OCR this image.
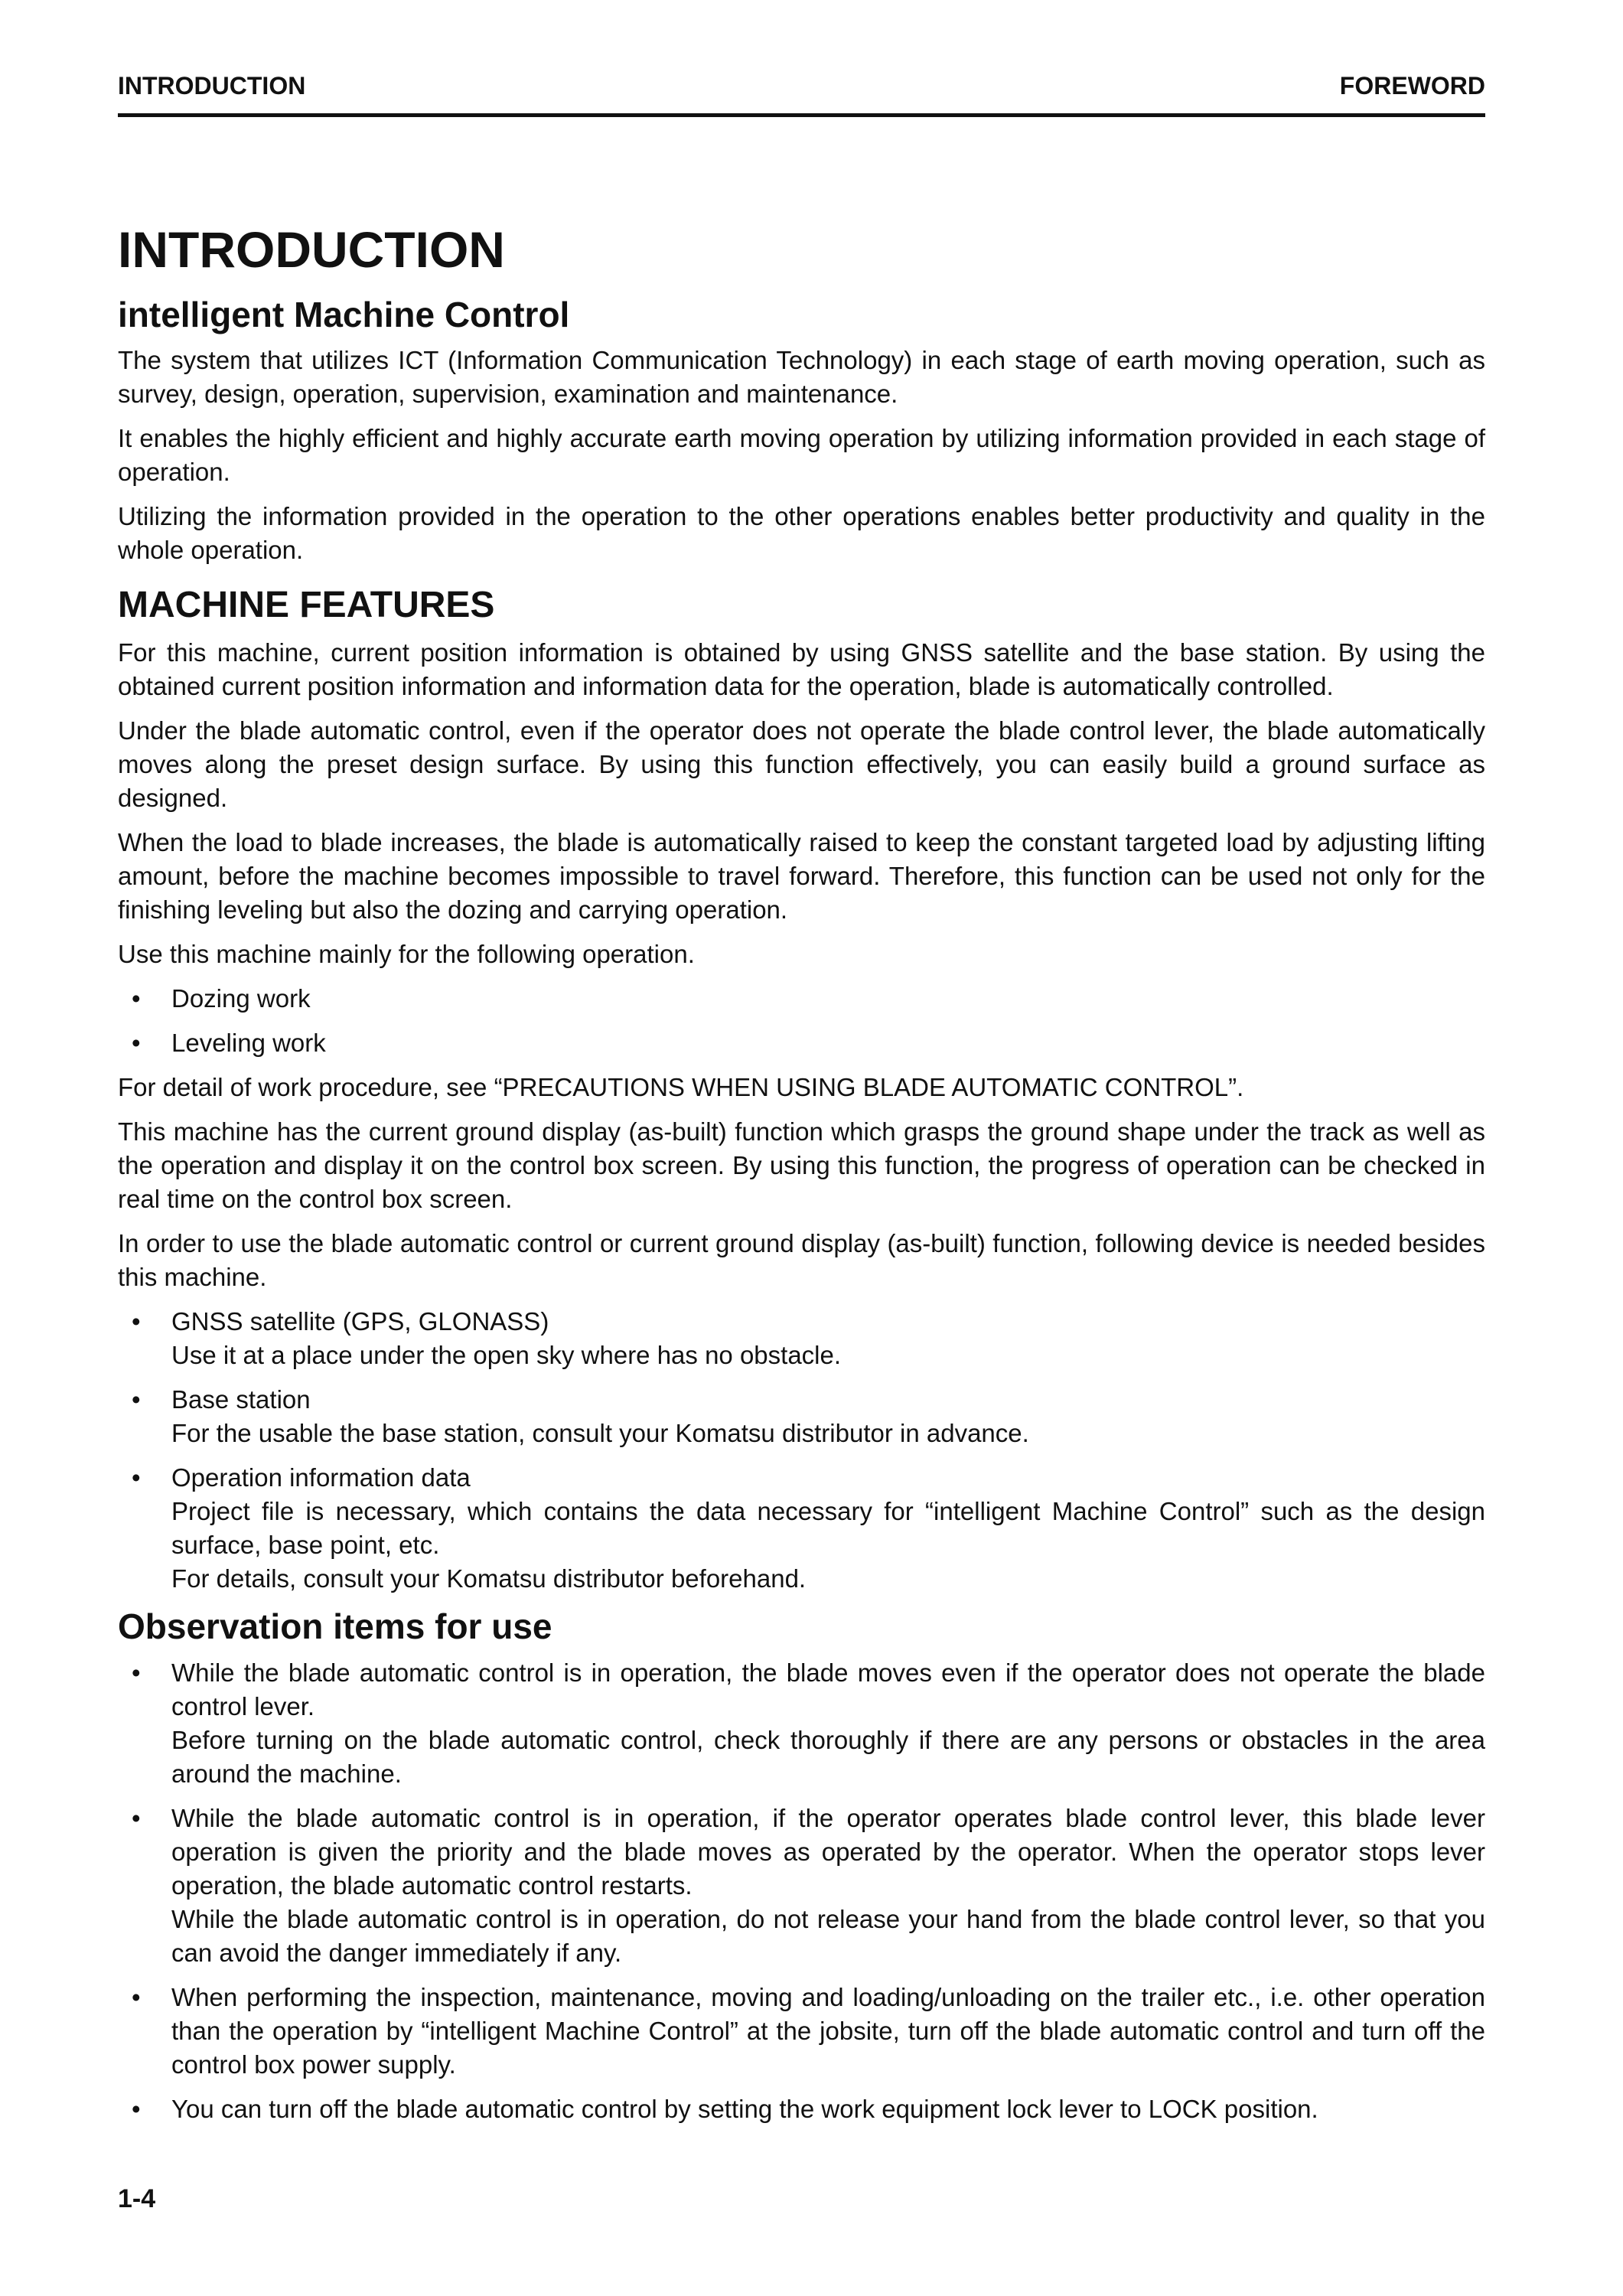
INTRODUCTION	FOREWORD
INTRODUCTION
intelligent Machine Control

The system that utilizes ICT (Information Communication Technology) in each stage of earth moving operation, such as survey, design, operation, supervision, examination and maintenance.

It enables the highly efficient and highly accurate earth moving operation by utilizing information provided in each stage of operation.

Utilizing the information provided in the operation to the other operations enables better productivity and quality in the whole operation.

MACHINE FEATURES

For this machine, current position information is obtained by using GNSS satellite and the base station. By using the obtained current position information and information data for the operation, blade is automatically controlled.

Under the blade automatic control, even if the operator does not operate the blade control lever, the blade automatically moves along the preset design surface. By using this function effectively, you can easily build a ground surface as designed.

When the load to blade increases, the blade is automatically raised to keep the constant targeted load by adjusting lifting amount, before the machine becomes impossible to travel forward. Therefore, this function can be used not only for the finishing leveling but also the dozing and carrying operation.

Use this machine mainly for the following operation.

• Dozing work
• Leveling work

For detail of work procedure, see “PRECAUTIONS WHEN USING BLADE AUTOMATIC CONTROL”.

This machine has the current ground display (as-built) function which grasps the ground shape under the track as well as the operation and display it on the control box screen. By using this function, the progress of operation can be checked in real time on the control box screen.

In order to use the blade automatic control or current ground display (as-built) function, following device is needed besides this machine.

• GNSS satellite (GPS, GLONASS)
Use it at a place under the open sky where has no obstacle.
• Base station
For the usable the base station, consult your Komatsu distributor in advance.
• Operation information data
Project file is necessary, which contains the data necessary for “intelligent Machine Control” such as the design surface, base point, etc.
For details, consult your Komatsu distributor beforehand.
Observation items for use
• While the blade automatic control is in operation, the blade moves even if the operator does not operate the blade control lever.
Before turning on the blade automatic control, check thoroughly if there are any persons or obstacles in the area around the machine.
• While the blade automatic control is in operation, if the operator operates blade control lever, this blade lever operation is given the priority and the blade moves as operated by the operator. When the operator stops lever operation, the blade automatic control restarts.
While the blade automatic control is in operation, do not release your hand from the blade control lever, so that you can avoid the danger immediately if any.
• When performing the inspection, maintenance, moving and loading/unloading on the trailer etc., i.e. other operation than the operation by “intelligent Machine Control” at the jobsite, turn off the blade automatic control and turn off the control box power supply.
• You can turn off the blade automatic control by setting the work equipment lock lever to LOCK position.
1-4
